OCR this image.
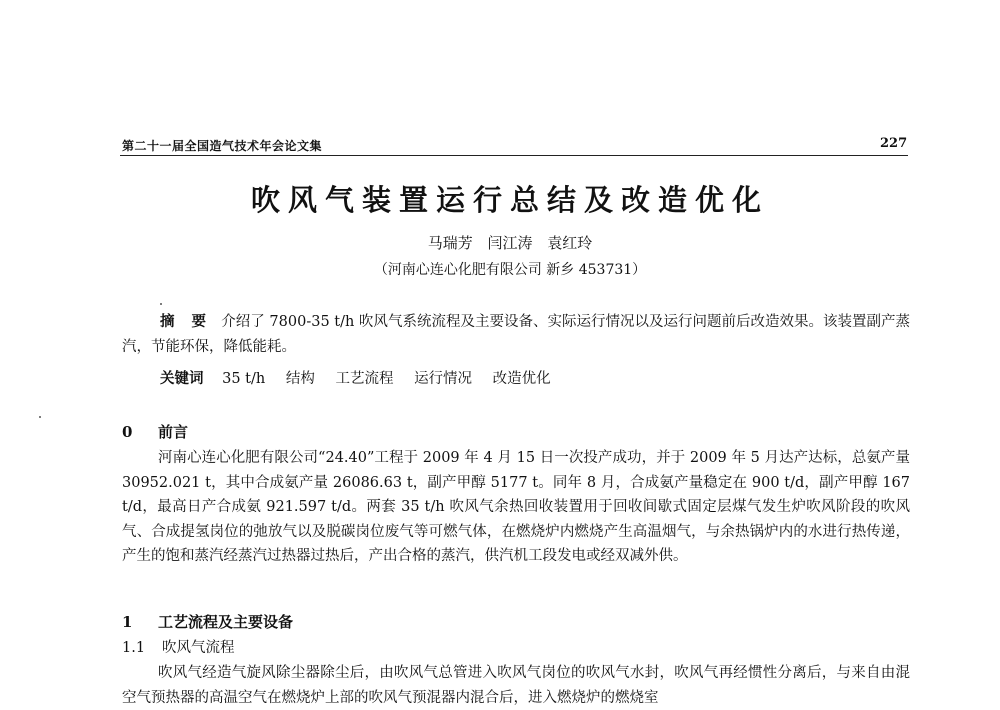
第二十一届全国造气技术年会论文集	227
吹风气装置运行总结及改造优化
马瑞芳 闫江涛 袁红玲
（河南心连心化肥有限公司 新乡 453731）
摘 要 介绍了 7800-35 t/h 吹风气系统流程及主要设备、实际运行情况以及运行问题前后改造效果。该装置副产蒸汽，节能环保，降低能耗。
关键词 35 t/h 结构 工艺流程 运行情况 改造优化
0 前言
河南心连心化肥有限公司“24.40”工程于 2009 年 4 月 15 日一次投产成功，并于 2009 年 5 月达产达标，总氨产量 30952.021 t，其中合成氨产量 26086.63 t，副产甲醇 5177 t。同年 8 月，合成氨产量稳定在 900 t/d，副产甲醇 167 t/d，最高日产合成氨 921.597 t/d。两套 35 t/h 吹风气余热回收装置用于回收间歇式固定层煤气发生炉吹风阶段的吹风气、合成提氢岗位的弛放气以及脱碳岗位废气等可燃气体，在燃烧炉内燃烧产生高温烟气，与余热锅炉内的水进行热传递，产生的饱和蒸汽经蒸汽过热器过热后，产出合格的蒸汽，供汽机工段发电或经双减外供。
1 工艺流程及主要设备
1.1 吹风气流程
吹风气经造气旋风除尘器除尘后，由吹风气总管进入吹风气岗位的吹风气水封，吹风气再经惯性分离后，与来自由混空气预热器的高温空气在燃烧炉上部的吹风气预混器内混合后，进入燃烧炉的燃烧室
